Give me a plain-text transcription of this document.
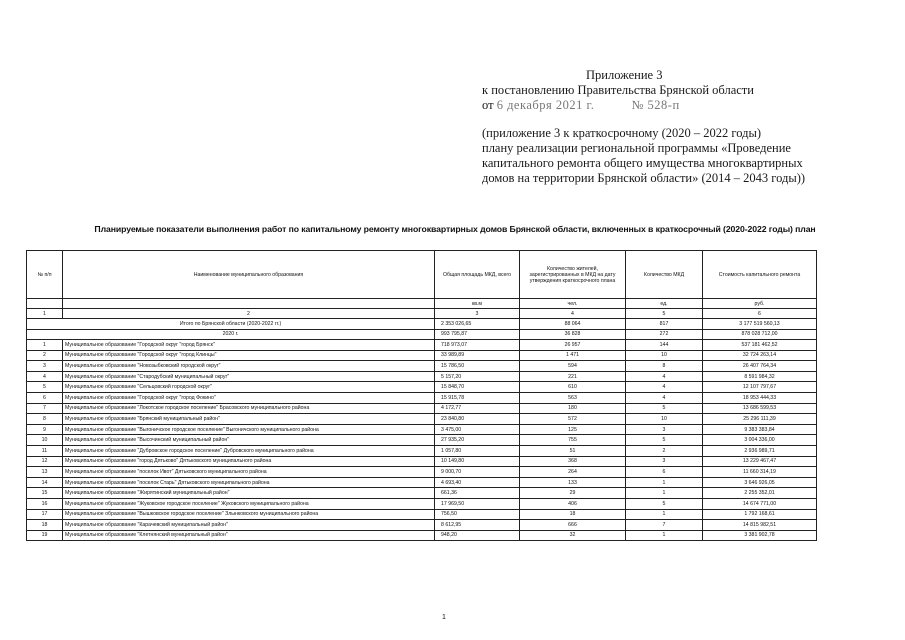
Приложение 3
к постановлению Правительства Брянской области
от 6 декабря 2021 г.	№ 528-п
(приложение 3 к краткосрочному (2020 – 2022 годы)
плану реализации региональной программы «Проведение
капитального ремонта общего имущества многоквартирных
домов на территории Брянской области» (2014 – 2043 годы))
Планируемые показатели выполнения работ по капитальному ремонту многоквартирных домов Брянской области, включенных в краткосрочный (2020-2022 годы) план
№ п/п	Наименование муниципального образования	Общая площадь МКД, всего	Количество жителей, зарегистрированных в МКД на дату утверждения краткосрочного плана	Количество МКД	Стоимость капитального ремонта
		кв.м	чел.	ед.	руб.
1	2	3	4	5	6
Итого по Брянской области (2020-2022 гг.)		2 353 026,65	88 064	817	3 177 519 560,13
2020 г.		993 795,87	36 828	272	878 028 712,00
1	Муниципальное образование "Городской округ "город Брянск"	718 973,07	26 957	144	537 181 462,52
2	Муниципальное образование "Городской округ "город Клинцы"	33 989,89	1 471	10	32 724 263,14
3	Муниципальное образование "Новозыбковский городской округ"	15 786,50	594	8	26 407 764,34
4	Муниципальное образование "Стародубский муниципальный округ"	5 157,20	221	4	8 591 984,32
5	Муниципальное образование "Сельцовский городской округ"	15 848,70	610	4	12 107 797,67
6	Муниципальное образование "Городской округ "город Фокино"	15 915,78	563	4	18 953 444,33
7	Муниципальное образование "Локотское городское поселение" Брасовского муниципального района	4 172,77	180	5	13 686 599,53
8	Муниципальное образование "Брянский муниципальный район"	23 840,80	572	10	25 296 111,39
9	Муниципальное образование "Выгоничское городское поселение" Выгоничского муниципального района	3 475,00	125	3	9 383 383,84
10	Муниципальное образование "Высочинский муниципальный район"	27 935,20	755	5	3 004 336,00
11	Муниципальное образование "Дубровское городское поселение" Дубровского муниципального района	1 057,80	51	2	2 936 989,71
12	Муниципальное образование "город Дятьково" Дятьковского муниципального района	10 149,80	368	3	13 229 467,47
13	Муниципальное образование "поселок Ивот" Дятьковского муниципального района	9 000,70	264	6	11 660 314,19
14	Муниципальное образование "поселок Старь" Дятьковского муниципального района	4 693,40	133	1	3 646 926,05
15	Муниципальное образование "Жирятинский муниципальный район"	661,36	29	1	2 255 352,01
16	Муниципальное образование "Жуковское городское поселение" Жуковского муниципального района	17 969,50	406	5	14 674 771,00
17	Муниципальное образование "Вышковское городское поселение" Злынковского муниципального района	756,50	18	1	1 792 168,61
18	Муниципальное образование "Карачевский муниципальный район"	8 612,95	666	7	14 815 982,51
19	Муниципальное образование "Клетнянский муниципальный район"	948,20	32	1	3 381 902,78
1
